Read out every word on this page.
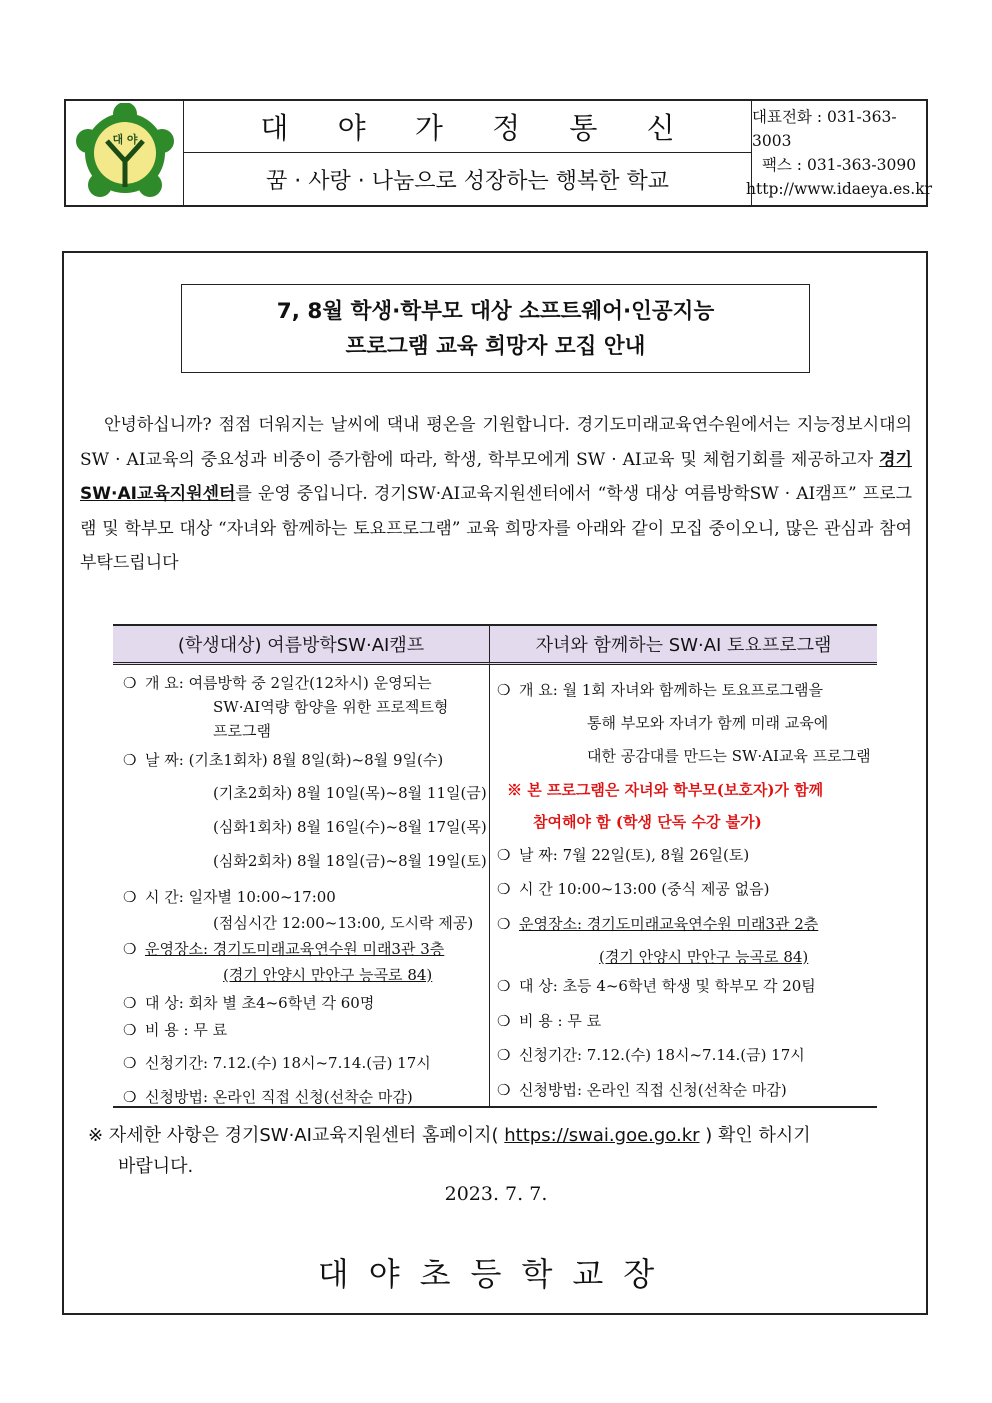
대 야	대 야 가 정 통 신
꿈 · 사랑 · 나눔으로 성장하는 행복한 학교
대표전화 : 031-363-3003
팩스 : 031-363-3090
http://www.idaeya.es.kr
7, 8월 학생·학부모 대상 소프트웨어·인공지능
프로그램 교육 희망자 모집 안내

안녕하십니까? 점점 더워지는 날씨에 댁내 평온을 기원합니다. 경기도미래교육연수원에서는 지능정보시대의 SW · AI교육의 중요성과 비중이 증가함에 따라, 학생, 학부모에게 SW · AI교육 및 체험기회를 제공하고자 경기SW·AI교육지원센터를 운영 중입니다. 경기SW·AI교육지원센터에서 “학생 대상 여름방학SW · AI캠프” 프로그램 및 학부모 대상 “자녀와 함께하는 토요프로그램” 교육 희망자를 아래와 같이 모집 중이오니, 많은 관심과 참여 부탁드립니다

(학생대상) 여름방학SW·AI캠프	자녀와 함께하는 SW·AI 토요프로그램
❍ 개 요: 여름방학 중 2일간(12차시) 운영되는
SW·AI역량 함양을 위한 프로젝트형
프로그램
❍ 날 짜: (기초1회차) 8월 8일(화)~8월 9일(수)
(기초2회차) 8월 10일(목)~8월 11일(금)
(심화1회차) 8월 16일(수)~8월 17일(목)
(심화2회차) 8월 18일(금)~8월 19일(토)
❍ 시 간: 일자별 10:00~17:00
(점심시간 12:00~13:00, 도시락 제공)
❍ 운영장소: 경기도미래교육연수원 미래3관 3층
(경기 안양시 만안구 능곡로 84)
❍ 대 상: 회차 별 초4~6학년 각 60명
❍ 비 용 : 무 료
❍ 신청기간: 7.12.(수) 18시~7.14.(금) 17시
❍ 신청방법: 온라인 직접 신청(선착순 마감)
❍ 개 요: 월 1회 자녀와 함께하는 토요프로그램을
통해 부모와 자녀가 함께 미래 교육에
대한 공감대를 만드는 SW·AI교육 프로그램
※ 본 프로그램은 자녀와 학부모(보호자)가 함께
참여해야 함 (학생 단독 수강 불가)
❍ 날 짜: 7월 22일(토), 8월 26일(토)
❍ 시 간 10:00~13:00 (중식 제공 없음)
❍ 운영장소: 경기도미래교육연수원 미래3관 2층
(경기 안양시 만안구 능곡로 84)
❍ 대 상: 초등 4~6학년 학생 및 학부모 각 20팀
❍ 비 용 : 무 료
❍ 신청기간: 7.12.(수) 18시~7.14.(금) 17시
❍ 신청방법: 온라인 직접 신청(선착순 마감)
※ 자세한 사항은 경기SW·AI교육지원센터 홈페이지( https://swai.goe.go.kr ) 확인 하시기
바랍니다.
2023. 7. 7.
대야초등학교장
